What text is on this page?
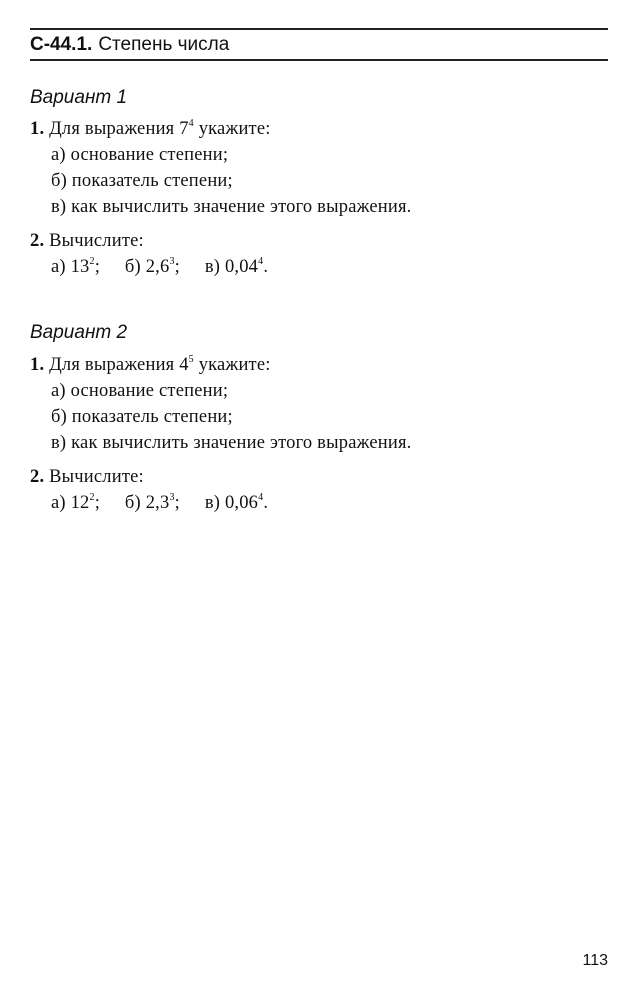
С-44.1. Степень числа
Вариант 1
1. Для выражения $7^4$ укажите:
а) основание степени;
б) показатель степени;
в) как вычислить значение этого выражения.
2. Вычислите:
а) $13^2$; б) $2,6^3$; в) 0,04$^4$.
Вариант 2
1. Для выражения $4^5$ укажите:
а) основание степени;
б) показатель степени;
в) как вычислить значение этого выражения.
2. Вычислите:
а) $12^2$; б) $2,3^3$; в) 0,06$^4$.
113
